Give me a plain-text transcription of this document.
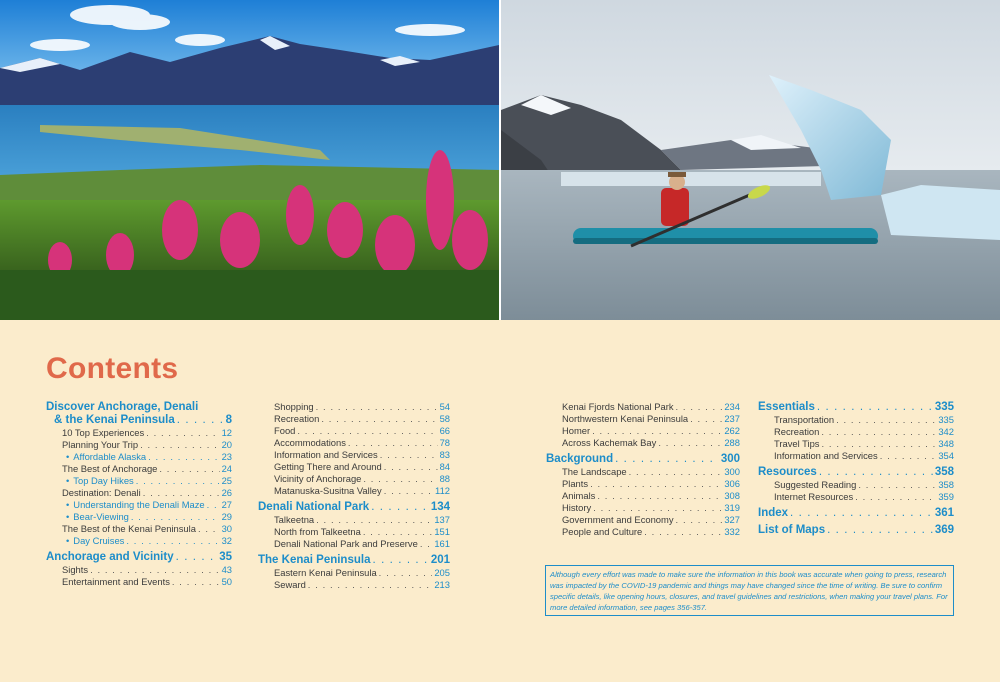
Contents
Discover Anchorage, Denali
& the Kenai Peninsula . . .	8
10 Top Experiences . . .	12
Planning Your Trip . . .	20
• Affordable Alaska . . .	23
The Best of Anchorage . . .	24
• Top Day Hikes . . .	25
Destination: Denali . . .	26
• Understanding the Denali Maze . . . 27
• Bear-Viewing . . .	29
The Best of the Kenai Peninsula . . .	30
• Day Cruises . . .	32
Anchorage and Vicinity . . .	35
Sights . . .	43
Entertainment and Events . . .	50
Shopping . . .	54
Recreation . . .	58
Food . . .	66
Accommodations . . .	78
Information and Services . . .	83
Getting There and Around . . .	84
Vicinity of Anchorage . . .	88
Matanuska-Susitna Valley . . .	112
Denali National Park . . .	134
Talkeetna . . .	137
North from Talkeetna . . .	151
Denali National Park and Preserve . . . 161
The Kenai Peninsula . . .	201
Eastern Kenai Peninsula . . .	205
Seward . . .	213
Kenai Fjords National Park . . .	234
Northwestern Kenai Peninsula . . .	237
Homer . . .	262
Across Kachemak Bay . . .	288
Background . . .	300
The Landscape . . .	300
Plants . . .	306
Animals . . .	308
History . . .	319
Government and Economy . . .	327
People and Culture . . .	332
Essentials . . .	335
Transportation . . .	335
Recreation . . .	342
Travel Tips . . .	348
Information and Services . . .	354
Resources . . .	358
Suggested Reading . . .	358
Internet Resources . . .	359
Index . . .	361
List of Maps . . .	369
Although every effort was made to make sure the information in this book was accurate when going to press, research was impacted by the COVID-19 pandemic and things may have changed since the time of writing. Be sure to confirm specific details, like opening hours, closures, and travel guidelines and restrictions, when making your travel plans. For more detailed information, see pages 356-357.
